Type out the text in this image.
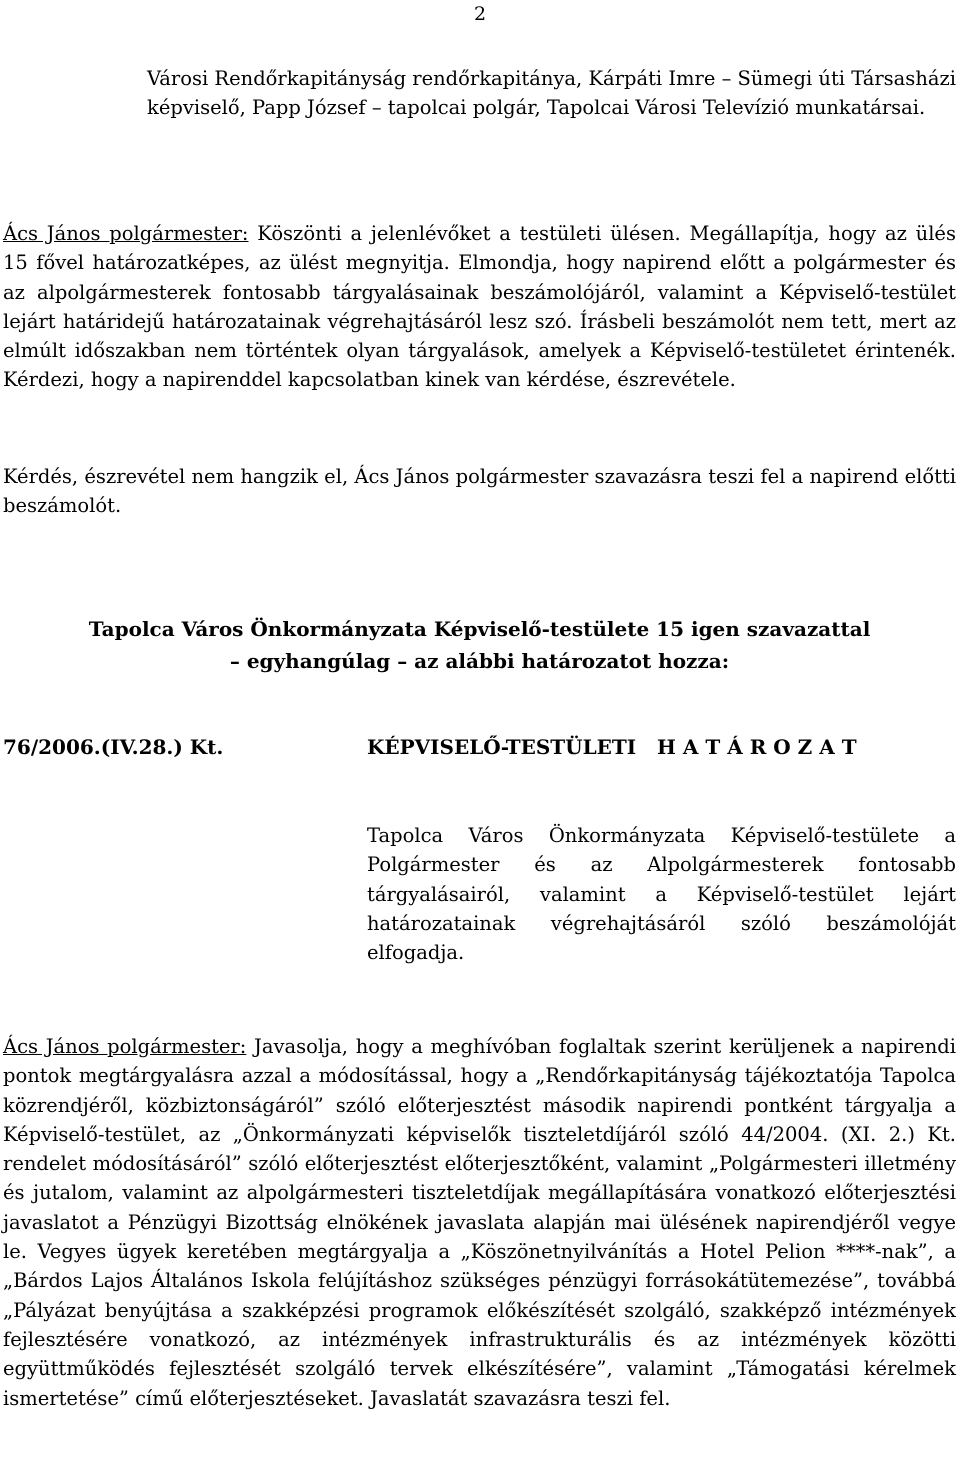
2
Városi Rendőrkapitányság rendőrkapitánya, Kárpáti Imre – Sümegi úti Társasházi képviselő, Papp József – tapolcai polgár, Tapolcai Városi Televízió munkatársai.
Ács János polgármester: Köszönti a jelenlévőket a testületi ülésen. Megállapítja, hogy az ülés 15 fővel határozatképes, az ülést megnyitja. Elmondja, hogy napirend előtt a polgármester és az alpolgármesterek fontosabb tárgyalásainak beszámolójáról, valamint a Képviselő-testület lejárt határidejű határozatainak végrehajtásáról lesz szó. Írásbeli beszámolót nem tett, mert az elmúlt időszakban nem történtek olyan tárgyalások, amelyek a Képviselő-testületet érintenék. Kérdezi, hogy a napirenddel kapcsolatban kinek van kérdése, észrevétele.
Kérdés, észrevétel nem hangzik el, Ács János polgármester szavazásra teszi fel a napirend előtti beszámolót.
Tapolca Város Önkormányzata Képviselő-testülete 15 igen szavazattal
– egyhangúlag – az alábbi határozatot hozza:
76/2006.(IV.28.) Kt.	KÉPVISELŐ-TESTÜLETI   H A T Á R O Z A T
Tapolca Város Önkormányzata Képviselő-testülete a Polgármester és az Alpolgármesterek fontosabb tárgyalásairól, valamint a Képviselő-testület lejárt határozatainak végrehajtásáról szóló beszámolóját elfogadja.
Ács János polgármester: Javasolja, hogy a meghívóban foglaltak szerint kerüljenek a napirendi pontok megtárgyalásra azzal a módosítással, hogy a „Rendőrkapitányság tájékoztatója Tapolca közrendjéről, közbiztonságáról” szóló előterjesztést második napirendi pontként tárgyalja a Képviselő-testület, az „Önkormányzati képviselők tiszteletdíjáról szóló 44/2004. (XI. 2.) Kt. rendelet módosításáról” szóló előterjesztést előterjesztőként, valamint „Polgármesteri illetmény és jutalom, valamint az alpolgármesteri tiszteletdíjak megállapítására vonatkozó előterjesztési javaslatot a Pénzügyi Bizottság elnökének javaslata alapján mai ülésének napirendjéről vegye le. Vegyes ügyek keretében megtárgyalja a „Köszönetnyilvánítás a Hotel Pelion ****-nak”, a „Bárdos Lajos Általános Iskola felújításhoz szükséges pénzügyi forrásokátütemezése”, továbbá „Pályázat benyújtása a szakképzési programok előkészítését szolgáló, szakképző intézmények fejlesztésére vonatkozó, az intézmények infrastrukturális és az intézmények közötti együttműködés fejlesztését szolgáló tervek elkészítésére”, valamint „Támogatási kérelmek ismertetése” című előterjesztéseket. Javaslatát szavazásra teszi fel.
